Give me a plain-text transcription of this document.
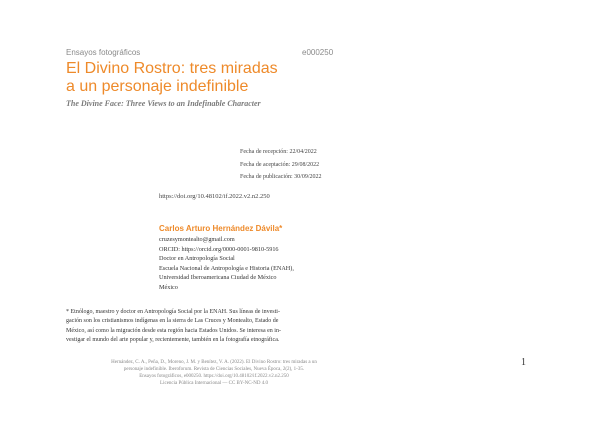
Ensayos fotográficos	e000250
El Divino Rostro: tres miradas
a un personaje indefinible
The Divine Face: Three Views to an Indefinable Character
Fecha de recepción: 22/04/2022
Fecha de aceptación: 29/08/2022
Fecha de publicación: 30/09/2022
https://doi.org/10.48102/if.2022.v2.n2.250
Carlos Arturo Hernández Dávila*
cruzesymontealto@gmail.com
ORCID: https://orcid.org/0000-0001-9810-5916
Doctor en Antropología Social
Escuela Nacional de Antropología e Historia (ENAH),
Universidad Iberoamericana Ciudad de México
México
* Etnólogo, maestro y doctor en Antropología Social por la ENAH. Sus líneas de investi-
gación son los cristianismos indígenas en la sierra de Las Cruces y Montealto, Estado de
México, así como la migración desde esta región hacia Estados Unidos. Se interesa en in-
vestigar el mundo del arte popular y, recientemente, también en la fotografía etnográfica.
Hernández, C. A., Peña, D., Moreno, J. M. y Benítez, V. A. (2022). El Divino Rostro: tres miradas a un
personaje indefinible. Iberoforum. Revista de Ciencias Sociales, Nueva Época, 2(2), 1-35.
Ensayos fotográficos, e000250. https://doi.org/10.48102/if.2022.v2.n2.250
Licencia Pública Internacional — CC BY-NC-ND 4.0
1
